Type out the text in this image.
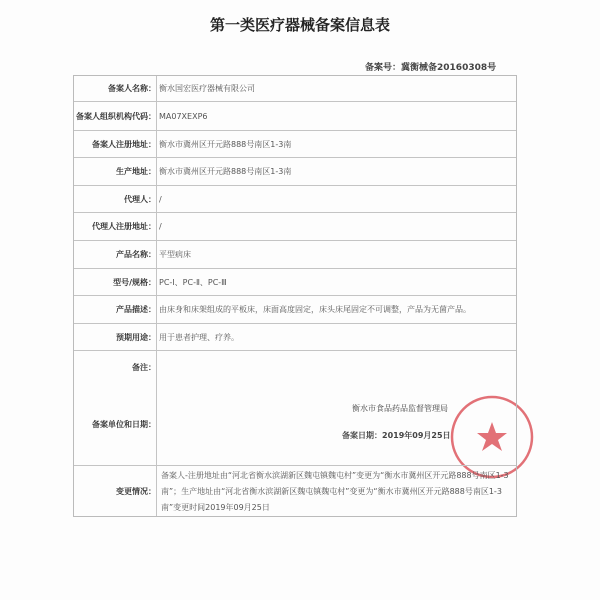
第一类医疗器械备案信息表
备案号：冀衡械备20160308号
备案人名称： 衡水国宏医疗器械有限公司
备案人组织机构代码： MA07XEXP6
备案人注册地址： 衡水市冀州区开元路888号南区1-3南
生产地址： 衡水市冀州区开元路888号南区1-3南
代理人： /
代理人注册地址： /
产品名称： 平型病床
型号/规格： PC-Ⅰ、PC-Ⅱ、PC-Ⅲ
产品描述： 由床身和床架组成的平板床，床面高度固定，床头床尾固定不可调整，产品为无菌产品。
预期用途： 用于患者护理、疗养。
备注：
备案单位和日期：
衡水市食品药品监督管理局
备案日期：2019年09月25日
变更情况：
备案人-注册地址由“河北省衡水滨湖新区魏屯镇魏屯村”变更为“衡水市冀州区开元路888号南区1-3南”；生产地址由“河北省衡水滨湖新区魏屯镇魏屯村”变更为“衡水市冀州区开元路888号南区1-3南”变更时间2019年09月25日
